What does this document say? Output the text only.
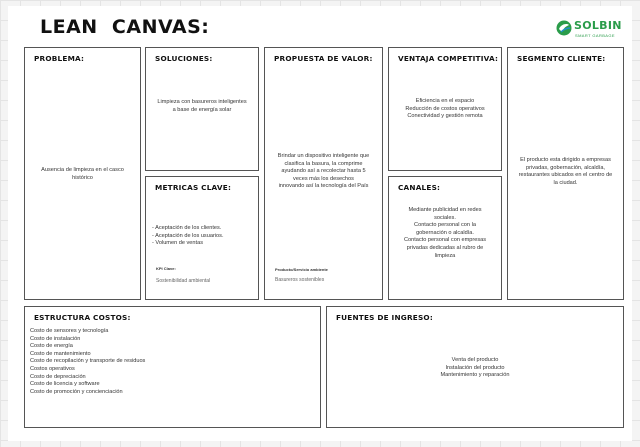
LEAN  CANVAS:	SOLBIN
SMART GARBAGE
PROBLEMA:
Ausencia de limpieza en el casco
histórico
SOLUCIONES:
Limpieza con basureros inteligentes
a base de energía solar
METRICAS CLAVE:
- Aceptación de los clientes.
- Aceptación de los usuarios.
- Volumen de ventas
KPI Clave:
Sostenibilidad ambiental
PROPUESTA DE VALOR:
Brindar un dispositivo inteligente que
clasifica la basura, la comprime
ayudando así a recolectar hasta 5
veces más los desechos
innovando así la tecnología del País
Producto/Servicio ambiente
Basureros sostenibles
VENTAJA COMPETITIVA:
Eficiencia en el espacio
Reducción de costos operativos
Conectividad y gestión remota
CANALES:
Mediante publicidad en redes
sociales.
Contacto personal con la
gobernación o alcaldía.
Contacto personal con empresas
privadas dedicadas al rubro de
limpieza
SEGMENTO CLIENTE:
El producto esta dirigido a empresas
privadas, gobernación, alcaldía,
restaurantes ubicados en el centro de
la ciudad.
ESTRUCTURA COSTOS:
Costo de sensores y tecnología
Costo de instalación
Costo de energía
Costo de mantenimiento
Costo de recopilación y transporte de residuos
Costos operativos
Costo de depreciación
Costo de licencia y software
Costo de promoción y concienciación
FUENTES DE INGRESO:
Venta del producto
Instalación del producto
Mantenimiento y reparación
